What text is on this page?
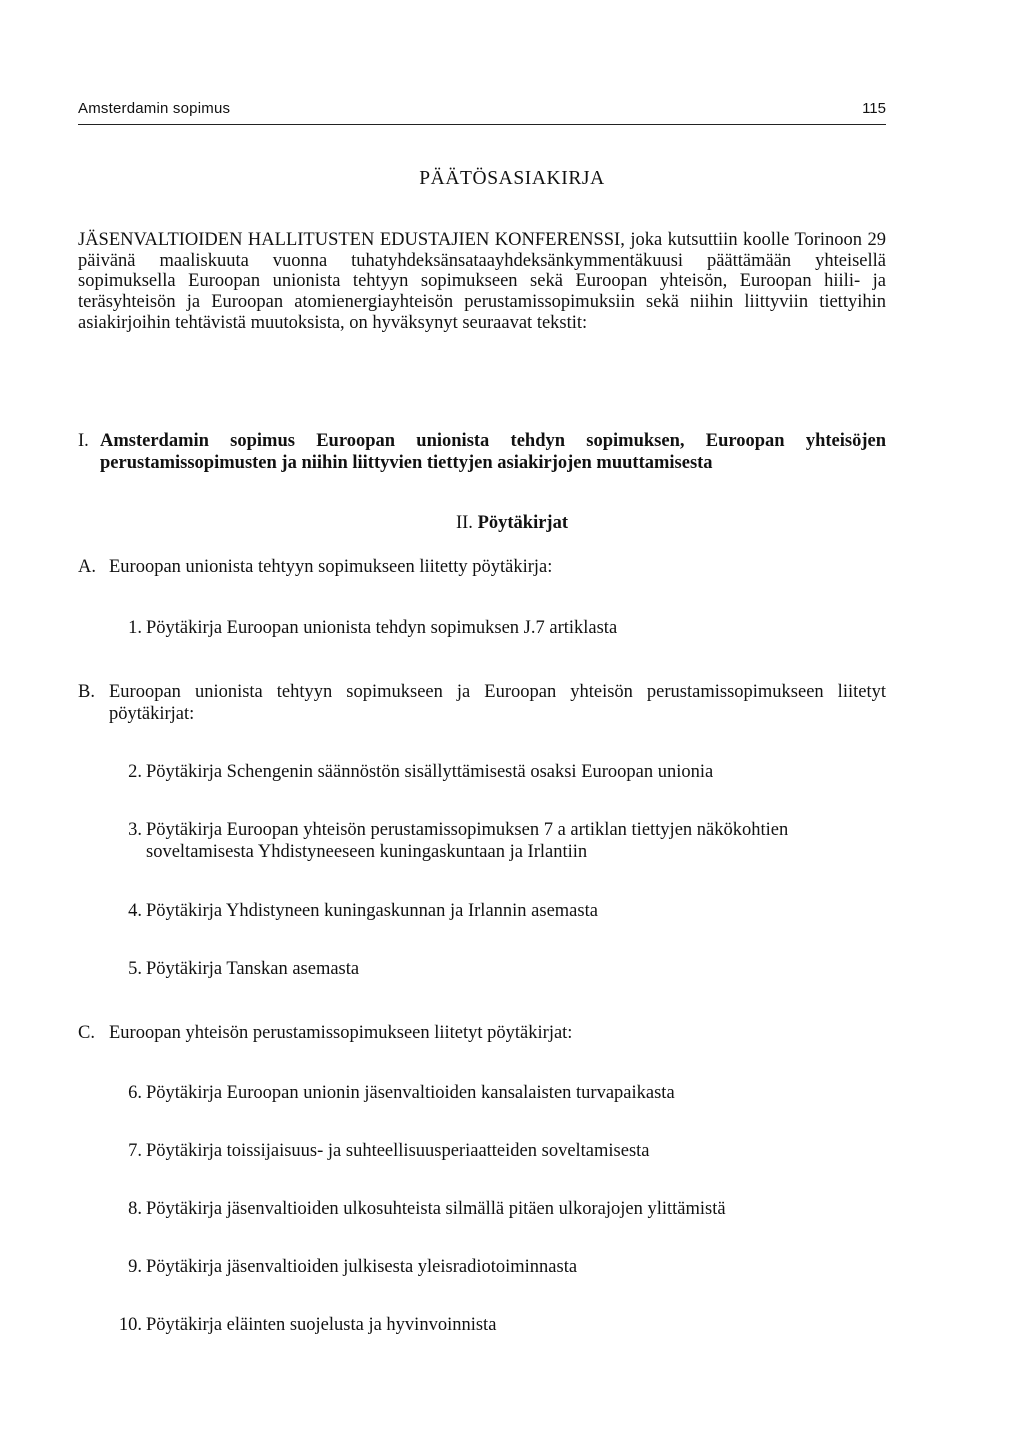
Amsterdamin sopimus	115
PÄÄTÖSASIAKIRJA
JÄSENVALTIOIDEN HALLITUSTEN EDUSTAJIEN KONFERENSSI, joka kutsuttiin koolle Torinoon 29 päivänä maaliskuuta vuonna tuhatyhdeksänsataayhdeksänkymmentäkuusi päättämään yhteisellä sopimuksella Euroopan unionista tehtyyn sopimukseen sekä Euroopan yhteisön, Euroopan hiili- ja teräsyhteisön ja Euroopan atomienergiayhteisön perustamissopimuksiin sekä niihin liittyviin tiettyihin asiakirjoihin tehtävistä muutoksista, on hyväksynyt seuraavat tekstit:
I. Amsterdamin sopimus Euroopan unionista tehdyn sopimuksen, Euroopan yhteisöjen perustamissopimusten ja niihin liittyvien tiettyjen asiakirjojen muuttamisesta
II. Pöytäkirjat
A. Euroopan unionista tehtyyn sopimukseen liitetty pöytäkirja:
1. Pöytäkirja Euroopan unionista tehdyn sopimuksen J.7 artiklasta
B. Euroopan unionista tehtyyn sopimukseen ja Euroopan yhteisön perustamissopimukseen liitetyt pöytäkirjat:
2. Pöytäkirja Schengenin säännöstön sisällyttämisestä osaksi Euroopan unionia
3. Pöytäkirja Euroopan yhteisön perustamissopimuksen 7 a artiklan tiettyjen näkökohtien soveltamisesta Yhdistyneeseen kuningaskuntaan ja Irlantiin
4. Pöytäkirja Yhdistyneen kuningaskunnan ja Irlannin asemasta
5. Pöytäkirja Tanskan asemasta
C. Euroopan yhteisön perustamissopimukseen liitetyt pöytäkirjat:
6. Pöytäkirja Euroopan unionin jäsenvaltioiden kansalaisten turvapaikasta
7. Pöytäkirja toissijaisuus- ja suhteellisuusperiaatteiden soveltamisesta
8. Pöytäkirja jäsenvaltioiden ulkosuhteista silmällä pitäen ulkorajojen ylittämistä
9. Pöytäkirja jäsenvaltioiden julkisesta yleisradiotoiminnasta
10. Pöytäkirja eläinten suojelusta ja hyvinvoinnista
